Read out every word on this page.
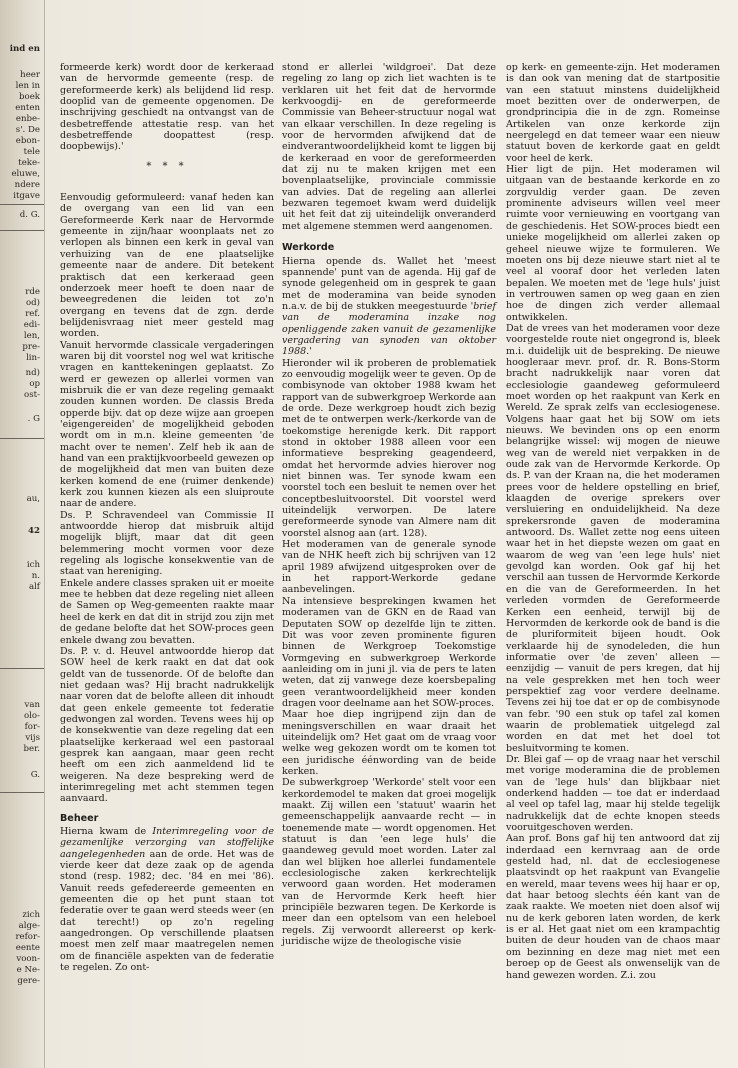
ind en
heer
len in
boek
enten
enbe-
s'. De
ebon-
tele
teke-
eluwe,
ndere
itgave
d. G.
rde
od)
ref.
edi-
len,
pre-
lin-
nd)
op
ost-
. G
au,
42
ich
n.
alf
van
olo-
for-
vijs
ber.
G.
zich
alge-
refor-
eente
voon-
e Ne-
gere-

formeerde kerk) wordt door de kerkeraad van de hervormde gemeente (resp. de gereformeerde kerk) als belijdend lid resp. dooplid van de gemeente opgenomen. De inschrijving geschiedt na ontvangst van de desbetreffende attestatie resp. van het desbetreffende doopattest (resp. doopbewijs).'

* * *

Eenvoudig geformuleerd: vanaf heden kan de overgang van een lid van een Gereformeerde Kerk naar de Hervormde gemeente in zijn/haar woonplaats net zo verlopen als binnen een kerk in geval van verhuizing van de ene plaatselijke gemeente naar de andere. Dit betekent praktisch dat een kerkeraad geen onderzoek meer hoeft te doen naar de beweegredenen die leiden tot zo'n overgang en tevens dat de zgn. derde belijdenisvraag niet meer gesteld mag worden.

Vanuit hervormde classicale vergaderingen waren bij dit voorstel nog wel wat kritische vragen en kanttekeningen geplaatst. Zo werd er gewezen op allerlei vormen van misbruik die er van deze regeling gemaakt zouden kunnen worden. De classis Breda opperde bijv. dat op deze wijze aan groepen 'eigengereiden' de mogelijkheid geboden wordt om in m.n. kleine gemeenten 'de macht over te nemen'. Zelf heb ik aan de hand van een praktijkvoorbeeld gewezen op de mogelijkheid dat men van buiten deze kerken komend de ene (ruimer denkende) kerk zou kunnen kiezen als een sluiproute naar de andere.

Ds. P. Schravendeel van Commissie II antwoordde hierop dat misbruik altijd mogelijk blijft, maar dat dit geen belemmering mocht vormen voor deze regeling als logische konsekwentie van de staat van hereniging.

Enkele andere classes spraken uit er moeite mee te hebben dat deze regeling niet alleen de Samen op Weg-gemeenten raakte maar heel de kerk en dat dit in strijd zou zijn met de gedane belofte dat het SOW-proces geen enkele dwang zou bevatten.

Ds. P. v. d. Heuvel antwoordde hierop dat SOW heel de kerk raakt en dat dat ook geldt van de tussenorde. Of de belofte dan niet gedaan was? Hij bracht nadrukkelijk naar voren dat de belofte alleen dit inhoudt dat geen enkele gemeente tot federatie gedwongen zal worden. Tevens wees hij op de konsekwentie van deze regeling dat een plaatselijke kerkeraad wel een pastoraal gesprek kan aangaan, maar geen recht heeft om een zich aanmeldend lid te weigeren. Na deze bespreking werd de interimregeling met acht stemmen tegen aanvaard.

Beheer

Hierna kwam de Interimregeling voor de gezamenlijke verzorging van stoffelijke aangelegenheden aan de orde. Het was de vierde keer dat deze zaak op de agenda stond (resp. 1982; dec. '84 en mei '86). Vanuit reeds gefedereerde gemeenten en gemeenten die op het punt staan tot federatie over te gaan werd steeds weer (en dat terecht!) op zo'n regeling aangedrongen. Op verschillende plaatsen moest men zelf maar maatregelen nemen om de financiële aspekten van de federatie te regelen. Zo ont-

stond er allerlei 'wildgroei'. Dat deze regeling zo lang op zich liet wachten is te verklaren uit het feit dat de hervormde kerkvoogdij- en de gereformeerde Commissie van Beheer-structuur nogal wat van elkaar verschillen. In deze regeling is voor de hervormden afwijkend dat de eindverantwoordelijkheid komt te liggen bij de kerkeraad en voor de gereformeerden dat zij nu te maken krijgen met een bovenplaatselijke, provinciale commissie van advies. Dat de regeling aan allerlei bezwaren tegemoet kwam werd duidelijk uit het feit dat zij uiteindelijk onveranderd met algemene stemmen werd aangenomen.

Werkorde

Hierna opende ds. Wallet het 'meest spannende' punt van de agenda. Hij gaf de synode gelegenheid om in gesprek te gaan met de moderamina van beide synoden n.a.v. de bij de stukken meegestuurde 'brief van de moderamina inzake nog openliggende zaken vanuit de gezamenlijke vergadering van synoden van oktober 1988.'

Hieronder wil ik proberen de problematiek zo eenvoudig mogelijk weer te geven. Op de combisynode van oktober 1988 kwam het rapport van de subwerkgroep Werkorde aan de orde. Deze werkgroep houdt zich bezig met de te ontwerpen werk-/kerkorde van de toekomstige herenigde kerk. Dit rapport stond in oktober 1988 alleen voor een informatieve bespreking geagendeerd, omdat het hervormde advies hierover nog niet binnen was. Ter synode kwam een voorstel toch een besluit te nemen over het conceptbesluitvoorstel. Dit voorstel werd uiteindelijk verworpen. De latere gereformeerde synode van Almere nam dit voorstel alsnog aan (art. 128).

Het moderamen van de generale synode van de NHK heeft zich bij schrijven van 12 april 1989 afwijzend uitgesproken over de in het rapport-Werkorde gedane aanbevelingen.

Na intensieve besprekingen kwamen het moderamen van de GKN en de Raad van Deputaten SOW op dezelfde lijn te zitten. Dit was voor zeven prominente figuren binnen de Werkgroep Toekomstige Vormgeving en subwerkgroep Werkorde aanleiding om in juni jl. via de pers te laten weten, dat zij vanwege deze koersbepaling geen verantwoordelijkheid meer konden dragen voor deelname aan het SOW-proces.

Maar hoe diep ingrijpend zijn dan de meningsverschillen en waar draait het uiteindelijk om? Het gaat om de vraag voor welke weg gekozen wordt om te komen tot een juridische éénwording van de beide kerken.

De subwerkgroep 'Werkorde' stelt voor een kerkordemodel te maken dat groei mogelijk maakt. Zij willen een 'statuut' waarin het gemeenschappelijk aanvaarde recht — in toenemende mate — wordt opgenomen. Het statuut is dan 'een lege huls' die gaandeweg gevuld moet worden. Later zal dan wel blijken hoe allerlei fundamentele ecclesiologische zaken kerkrechtelijk verwoord gaan worden. Het moderamen van de Hervormde Kerk heeft hier principiële bezwaren tegen. De Kerkorde is meer dan een optelsom van een heleboel regels. Zij verwoordt allereerst op kerk-juridische wijze de theologische visie

op kerk- en gemeente-zijn. Het moderamen is dan ook van mening dat de startpositie van een statuut minstens duidelijkheid moet bezitten over de onderwerpen, de grondprincipia die in de zgn. Romeinse Artikelen van onze kerkorde zijn neergelegd en dat temeer waar een nieuw statuut boven de kerkorde gaat en geldt voor heel de kerk.

Hier ligt de pijn. Het moderamen wil uitgaan van de bestaande kerkorde en zo zorgvuldig verder gaan. De zeven prominente adviseurs willen veel meer ruimte voor vernieuwing en voortgang van de geschiedenis. Het SOW-proces biedt een unieke mogelijkheid om allerlei zaken op geheel nieuwe wijze te formuleren. We moeten ons bij deze nieuwe start niet al te veel al vooraf door het verleden laten bepalen. We moeten met de 'lege huls' juist in vertrouwen samen op weg gaan en zien hoe de dingen zich verder allemaal ontwikkelen.

Dat de vrees van het moderamen voor deze voorgestelde route niet ongegrond is, bleek m.i. duidelijk uit de bespreking. De nieuwe hoogleraar mevr. prof. dr. R. Bons-Storm bracht nadrukkelijk naar voren dat ecclesiologie gaandeweg geformuleerd moet worden op het raakpunt van Kerk en Wereld. Ze sprak zelfs van ecclesiogenese. Volgens haar gaat het bij SOW om iets nieuws. We bevinden ons op een enorm belangrijke wissel: wij mogen de nieuwe weg van de wereld niet verpakken in de oude zak van de Hervormde Kerkorde. Op ds. P. van der Kraan na, die het moderamen prees voor de heldere opstelling en brief, klaagden de overige sprekers over versluiering en onduidelijkheid. Na deze sprekersronde gaven de moderamina antwoord. Ds. Wallet zette nog eens uiteen waar het in het diepste wezen om gaat en waarom de weg van 'een lege huls' niet gevolgd kan worden. Ook gaf hij het verschil aan tussen de Hervormde Kerkorde en die van de Gereformeerden. In het verleden vormden de Gereformeerde Kerken een eenheid, terwijl bij de Hervormden de kerkorde ook de band is die de pluriformiteit bijeen houdt. Ook verklaarde hij de synodeleden, die hun informatie over 'de zeven' alleen — eenzijdig — vanuit de pers kregen, dat hij na vele gesprekken met hen toch weer perspektief zag voor verdere deelname. Tevens zei hij toe dat er op de combisynode van febr. '90 een stuk op tafel zal komen waarin de problematiek uitgelegd zal worden en dat met het doel tot besluitvorming te komen.

Dr. Blei gaf — op de vraag naar het verschil met vorige moderamina die de problemen van de 'lege huls' dan blijkbaar niet onderkend hadden — toe dat er inderdaad al veel op tafel lag, maar hij stelde tegelijk nadrukkelijk dat de echte knopen steeds vooruitgeschoven werden.

Aan prof. Bons gaf hij ten antwoord dat zij inderdaad een kernvraag aan de orde gesteld had, nl. dat de ecclesiogenese plaatsvindt op het raakpunt van Evangelie en wereld, maar tevens wees hij haar er op, dat haar betoog slechts één kant van de zaak raakte. We moeten niet doen alsof wij nu de kerk geboren laten worden, de kerk is er al. Het gaat niet om een krampachtig buiten de deur houden van de chaos maar om bezinning en deze mag niet met een beroep op de Geest als onwenselijk van de hand gewezen worden. Z.i. zou
